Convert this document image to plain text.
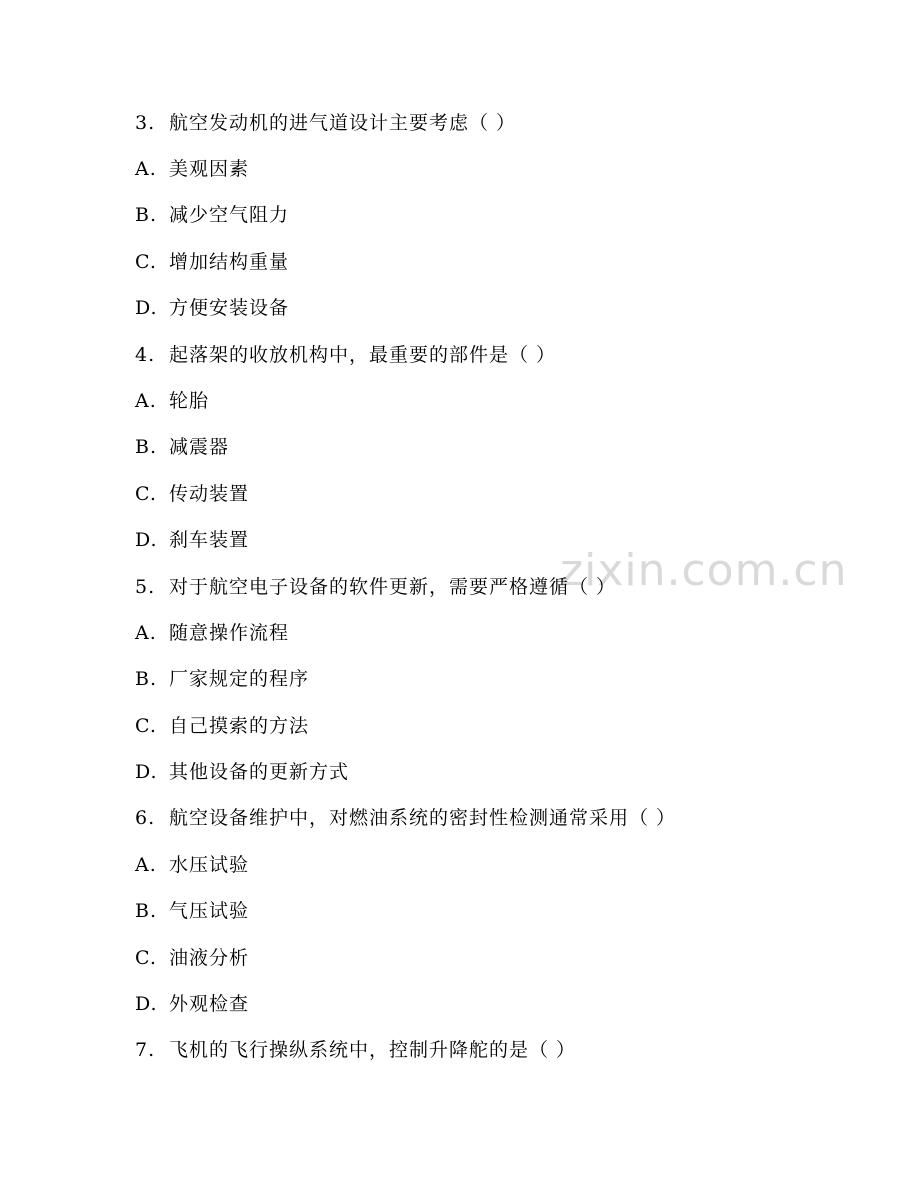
zixin.com.cn
3. 航空发动机的进气道设计主要考虑（ ）
A. 美观因素
B. 减少空气阻力
C. 增加结构重量
D. 方便安装设备
4. 起落架的收放机构中，最重要的部件是（ ）
A. 轮胎
B. 减震器
C. 传动装置
D. 刹车装置
5. 对于航空电子设备的软件更新，需要严格遵循（ ）
A. 随意操作流程
B. 厂家规定的程序
C. 自己摸索的方法
D. 其他设备的更新方式
6. 航空设备维护中，对燃油系统的密封性检测通常采用（ ）
A. 水压试验
B. 气压试验
C. 油液分析
D. 外观检查
7. 飞机的飞行操纵系统中，控制升降舵的是（ ）
